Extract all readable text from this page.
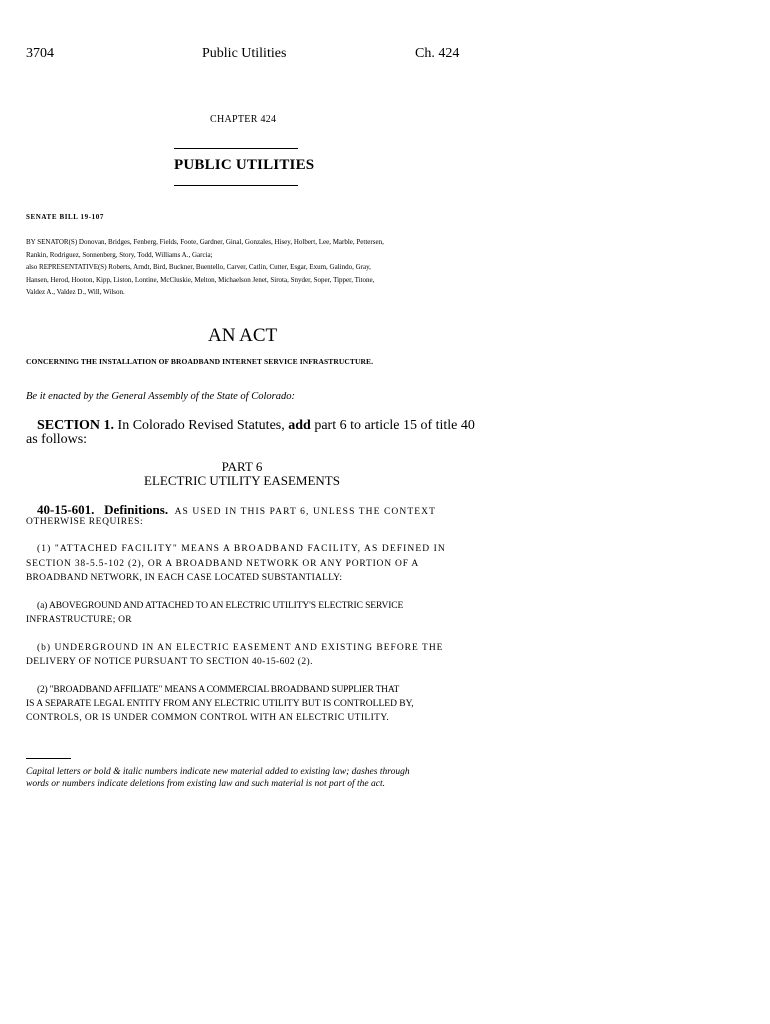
3704	Public Utilities	Ch. 424
CHAPTER 424
PUBLIC UTILITIES
SENATE BILL 19-107
BY SENATOR(S) Donovan, Bridges, Fenberg, Fields, Foote, Gardner, Ginal, Gonzales, Hisey, Holbert, Lee, Marble, Pettersen,
Rankin, Rodriguez, Sonnenberg, Story, Todd, Williams A., Garcia;
also REPRESENTATIVE(S) Roberts, Arndt, Bird, Buckner, Buentello, Carver, Catlin, Cutter, Esgar, Exum, Galindo, Gray,
Hansen, Herod, Hooton, Kipp, Liston, Lontine, McCluskie, Melton, Michaelson Jenet, Sirota, Snyder, Soper, Tipper, Titone,
Valdez A., Valdez D., Will, Wilson.
AN ACT
CONCERNING THE INSTALLATION OF BROADBAND INTERNET SERVICE INFRASTRUCTURE.
Be it enacted by the General Assembly of the State of Colorado:
SECTION 1. In Colorado Revised Statutes, add part 6 to article 15 of title 40
as follows:
PART 6
ELECTRIC UTILITY EASEMENTS
40-15-601. Definitions. AS USED IN THIS PART 6, UNLESS THE CONTEXT
OTHERWISE REQUIRES:
(1) "ATTACHED FACILITY" MEANS A BROADBAND FACILITY, AS DEFINED IN
SECTION 38-5.5-102 (2), OR A BROADBAND NETWORK OR ANY PORTION OF A
BROADBAND NETWORK, IN EACH CASE LOCATED SUBSTANTIALLY:
(a) ABOVEGROUND AND ATTACHED TO AN ELECTRIC UTILITY'S ELECTRIC SERVICE
INFRASTRUCTURE; OR
(b) UNDERGROUND IN AN ELECTRIC EASEMENT AND EXISTING BEFORE THE
DELIVERY OF NOTICE PURSUANT TO SECTION 40-15-602 (2).
(2) "BROADBAND AFFILIATE" MEANS A COMMERCIAL BROADBAND SUPPLIER THAT
IS A SEPARATE LEGAL ENTITY FROM ANY ELECTRIC UTILITY BUT IS CONTROLLED BY,
CONTROLS, OR IS UNDER COMMON CONTROL WITH AN ELECTRIC UTILITY.
Capital letters or bold & italic numbers indicate new material added to existing law; dashes through
words or numbers indicate deletions from existing law and such material is not part of the act.
